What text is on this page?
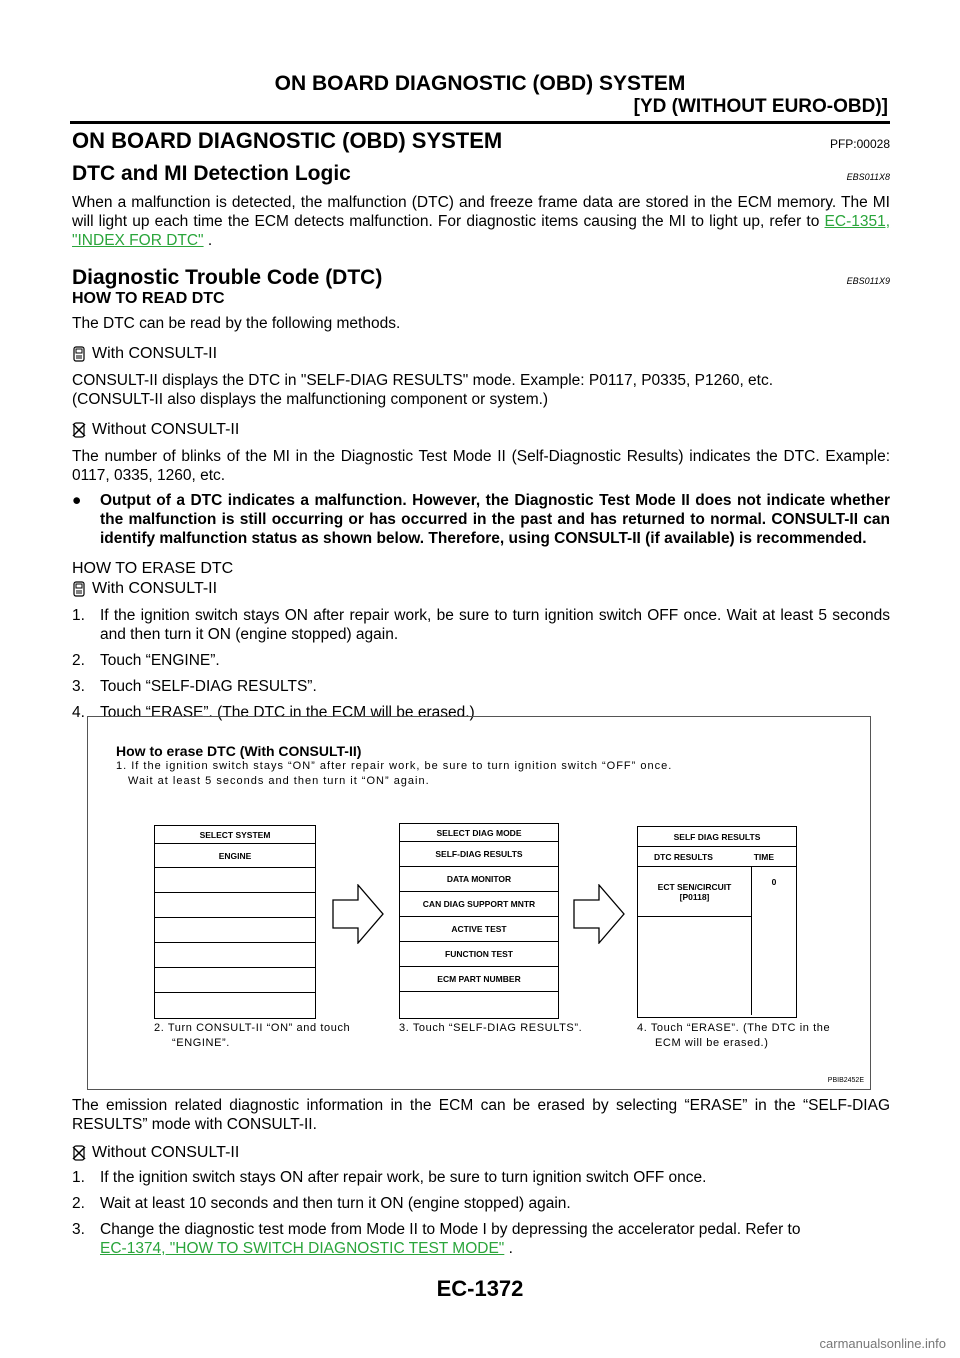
ON BOARD DIAGNOSTIC (OBD) SYSTEM
[YD (WITHOUT EURO-OBD)]
ON BOARD DIAGNOSTIC (OBD) SYSTEM	PFP:00028
DTC and MI Detection Logic	EBS011X8

When a malfunction is detected, the malfunction (DTC) and freeze frame data are stored in the ECM memory. The MI will light up each time the ECM detects malfunction. For diagnostic items causing the MI to light up, refer to EC-1351, "INDEX FOR DTC" .

Diagnostic Trouble Code (DTC)	EBS011X9
HOW TO READ DTC

The DTC can be read by the following methods.

With CONSULT-II

CONSULT-II displays the DTC in "SELF-DIAG RESULTS" mode. Example: P0117, P0335, P1260, etc.

(CONSULT-II also displays the malfunctioning component or system.)

Without CONSULT-II

The number of blinks of the MI in the Diagnostic Test Mode II (Self-Diagnostic Results) indicates the DTC. Example: 0117, 0335, 1260, etc.

●	Output of a DTC indicates a malfunction. However, the Diagnostic Test Mode II does not indicate whether the malfunction is still occurring or has occurred in the past and has returned to normal. CONSULT-II can identify malfunction status as shown below. Therefore, using CONSULT-II (if available) is recommended.
HOW TO ERASE DTC
With CONSULT-II
1. If the ignition switch stays ON after repair work, be sure to turn ignition switch OFF once. Wait at least 5 seconds and then turn it ON (engine stopped) again.
2. Touch “ENGINE”.
3. Touch “SELF-DIAG RESULTS”.
4. Touch “ERASE”. (The DTC in the ECM will be erased.)
How to erase DTC (With CONSULT-II)
1. If the ignition switch stays “ON” after repair work, be sure to turn ignition switch “OFF” once.
Wait at least 5 seconds and then turn it “ON” again.
SELECT SYSTEM
ENGINE
SELECT DIAG MODE
SELF-DIAG RESULTS
DATA MONITOR
CAN DIAG SUPPORT MNTR
ACTIVE TEST
FUNCTION TEST
ECM PART NUMBER
SELF DIAG RESULTS
DTC RESULTS	TIME
ECT SEN/CIRCUIT
[P0118]
0
2. Turn CONSULT-II “ON” and touch
“ENGINE”.
3. Touch “SELF-DIAG RESULTS”.	4. Touch “ERASE”. (The DTC in the
ECM will be erased.)
PBIB2452E

The emission related diagnostic information in the ECM can be erased by selecting “ERASE” in the “SELF-DIAG RESULTS” mode with CONSULT-II.

Without CONSULT-II
1. If the ignition switch stays ON after repair work, be sure to turn ignition switch OFF once.
2. Wait at least 10 seconds and then turn it ON (engine stopped) again.
3. Change the diagnostic test mode from Mode II to Mode I by depressing the accelerator pedal. Refer to
EC-1374, "HOW TO SWITCH DIAGNOSTIC TEST MODE" .
EC-1372
carmanualsonline.info
